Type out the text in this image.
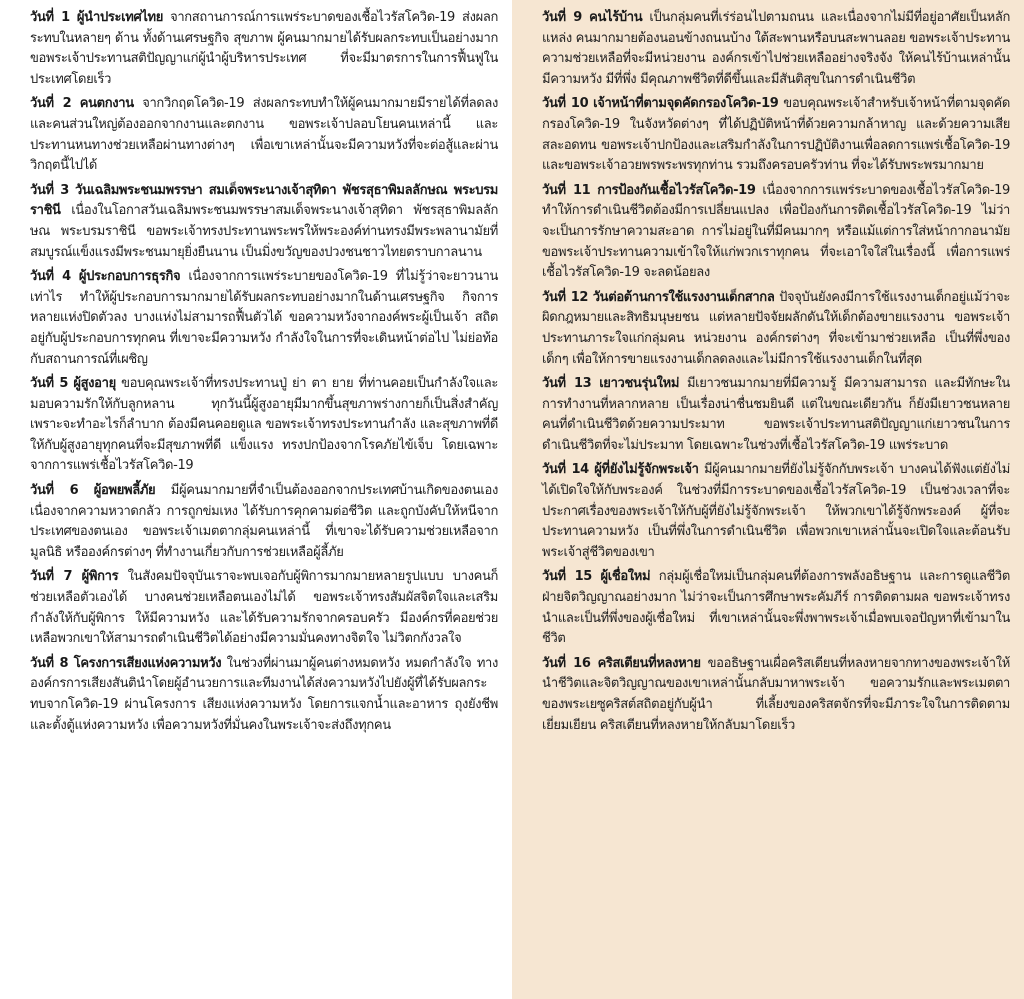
วันที่ 1 ผู้นำประเทศไทย จากสถานการณ์การแพร่ระบาดของเชื้อไวรัสโควิด-19 ส่งผลกระทบในหลายๆ ด้าน ทั้งด้านเศรษฐกิจ สุขภาพ ผู้คนมากมายได้รับผลกระทบเป็นอย่างมาก ขอพระเจ้าประทานสติปัญญาแก่ผู้นำผู้บริหารประเทศ ที่จะมีมาตรการในการฟื้นฟูในประเทศโดยเร็ว

วันที่ 2 คนตกงาน จากวิกฤตโควิด-19 ส่งผลกระทบทำให้ผู้คนมากมายมีรายได้ที่ลดลงและคนส่วนใหญ่ต้องออกจากงานและตกงาน ขอพระเจ้าปลอบโยนคนเหล่านี้ และประทานหนทางช่วยเหลือผ่านทางต่างๆ เพื่อเขาเหล่านั้นจะมีความหวังที่จะต่อสู้และผ่านวิกฤตนี้ไปได้

วันที่ 3 วันเฉลิมพระชนมพรรษา สมเด็จพระนางเจ้าสุทิดา พัชรสุธาพิมลลักษณ พระบรมราชินี เนื่องในโอกาสวันเฉลิมพระชนมพรรษาสมเด็จพระนางเจ้าสุทิดา พัชรสุธาพิมลลักษณ พระบรมราชินี ขอพระเจ้าทรงประทานพระพรให้พระองค์ท่านทรงมีพระพลานามัยที่สมบูรณ์แข็งแรงมีพระชนมายุยิ่งยืนนาน เป็นมิ่งขวัญของปวงชนชาวไทยตราบกาลนาน

วันที่ 4 ผู้ประกอบการธุรกิจ เนื่องจากการแพร่ระบายของโควิด-19 ที่ไม่รู้ว่าจะยาวนานเท่าไร ทำให้ผู้ประกอบการมากมายได้รับผลกระทบอย่างมากในด้านเศรษฐกิจ กิจการหลายแห่งปิดตัวลง บางแห่งไม่สามารถฟื้นตัวได้ ขอความหวังจากองค์พระผู้เป็นเจ้า สถิตอยู่กับผู้ประกอบการทุกคน ที่เขาจะมีความหวัง กำลังใจในการที่จะเดินหน้าต่อไป ไม่ย่อท้อกับสถานการณ์ที่เผชิญ

วันที่ 5 ผู้สูงอายุ ขอบคุณพระเจ้าที่ทรงประทานปู่ ย่า ตา ยาย ที่ท่านคอยเป็นกำลังใจและมอบความรักให้กับลูกหลาน ทุกวันนี้ผู้สูงอายุมีมากขึ้นสุขภาพร่างกายก็เป็นสิ่งสำคัญ เพราะจะทำอะไรก็ลำบาก ต้องมีคนคอยดูแล ขอพระเจ้าทรงประทานกำลัง และสุขภาพที่ดีให้กับผู้สูงอายุทุกคนที่จะมีสุขภาพที่ดี แข็งแรง ทรงปกป้องจากโรคภัยไข้เจ็บ โดยเฉพาะจากการแพร่เชื้อไวรัสโควิด-19

วันที่ 6 ผู้อพยพลี้ภัย มีผู้คนมากมายที่จำเป็นต้องออกจากประเทศบ้านเกิดของตนเอง เนื่องจากความหวาดกลัว การถูกข่มเหง ได้รับการคุกคามต่อชีวิต และถูกบังคับให้หนีจากประเทศของตนเอง ขอพระเจ้าเมตตากลุ่มคนเหล่านี้ ที่เขาจะได้รับความช่วยเหลือจากมูลนิธิ หรือองค์กรต่างๆ ที่ทำงานเกี่ยวกับการช่วยเหลือผู้ลี้ภัย

วันที่ 7 ผู้พิการ ในสังคมปัจจุบันเราจะพบเจอกับผู้พิการมากมายหลายรูปแบบ บางคนก็ช่วยเหลือตัวเองได้ บางคนช่วยเหลือตนเองไม่ได้ ขอพระเจ้าทรงสัมผัสจิตใจและเสริมกำลังให้กับผู้พิการ ให้มีความหวัง และได้รับความรักจากครอบครัว มีองค์กรที่คอยช่วยเหลือพวกเขาให้สามารถดำเนินชีวิตได้อย่างมีความมั่นคงทางจิตใจ ไม่วิตกกังวลใจ

วันที่ 8 โครงการเสียงแห่งความหวัง ในช่วงที่ผ่านมาผู้คนต่างหมดหวัง หมดกำลังใจ ทางองค์กรการเสียงสันตินำโดยผู้อำนวยการและทีมงานได้ส่งความหวังไปยังผู้ที่ได้รับผลกระทบจากโควิด-19 ผ่านโครงการ เสียงแห่งความหวัง โดยการแจกน้ำและอาหาร ถุงยังชีพ และตั้งตู้แห่งความหวัง เพื่อความหวังที่มั่นคงในพระเจ้าจะส่งถึงทุกคน

วันที่ 9 คนไร้บ้าน เป็นกลุ่มคนที่เร่ร่อนไปตามถนน และเนื่องจากไม่มีที่อยู่อาศัยเป็นหลักแหล่ง คนมากมายต้องนอนข้างถนนบ้าง ใต้สะพานหรือบนสะพานลอย ขอพระเจ้าประทานความช่วยเหลือที่จะมีหน่วยงาน องค์กรเข้าไปช่วยเหลืออย่างจริงจัง ให้คนไร้บ้านเหล่านั้น มีความหวัง มีที่พึ่ง มีคุณภาพชีวิตที่ดีขึ้นและมีสันติสุขในการดำเนินชีวิต

วันที่ 10 เจ้าหน้าที่ตามจุดคัดกรองโควิด-19 ขอบคุณพระเจ้าสำหรับเจ้าหน้าที่ตามจุดคัดกรองโควิด-19 ในจังหวัดต่างๆ ที่ได้ปฏิบัติหน้าที่ด้วยความกล้าหาญ และด้วยความเสียสละอดทน ขอพระเจ้าปกป้องและเสริมกำลังในการปฏิบัติงานเพื่อลดการแพร่เชื้อโควิด-19 และขอพระเจ้าอวยพรพระพรทุกท่าน รวมถึงครอบครัวท่าน ที่จะได้รับพระพรมากมาย

วันที่ 11 การป้องกันเชื้อไวรัสโควิด-19 เนื่องจากการแพร่ระบาดของเชื้อไวรัสโควิด-19 ทำให้การดำเนินชีวิตต้องมีการเปลี่ยนแปลง เพื่อป้องกันการติดเชื้อไวรัสโควิด-19 ไม่ว่าจะเป็นการรักษาความสะอาด การไม่อยู่ในที่มีคนมากๆ หรือแม้แต่การใส่หน้ากากอนามัย ขอพระเจ้าประทานความเข้าใจให้แก่พวกเราทุกคน ที่จะเอาใจใส่ในเรื่องนี้ เพื่อการแพร่เชื้อไวรัสโควิด-19 จะลดน้อยลง

วันที่ 12 วันต่อต้านการใช้แรงงานเด็กสากล ปัจจุบันยังคงมีการใช้แรงงานเด็กอยู่แม้ว่าจะผิดกฎหมายและสิทธิมนุษยชน แต่หลายปัจจัยผลักดันให้เด็กต้องขายแรงงาน ขอพระเจ้าประทานภาระใจแก่กลุ่มคน หน่วยงาน องค์กรต่างๆ ที่จะเข้ามาช่วยเหลือ เป็นที่พึ่งของเด็กๆ เพื่อให้การขายแรงงานเด็กลดลงและไม่มีการใช้แรงงานเด็กในที่สุด

วันที่ 13 เยาวชนรุ่นใหม่ มีเยาวชนมากมายที่มีความรู้ มีความสามารถ และมีทักษะในการทำงานที่หลากหลาย เป็นเรื่องน่าชื่นชมยินดี แต่ในขณะเดียวกัน ก็ยังมีเยาวชนหลายคนที่ดำเนินชีวิตด้วยความประมาท ขอพระเจ้าประทานสติปัญญาแก่เยาวชนในการดำเนินชีวิตที่จะไม่ประมาท โดยเฉพาะในช่วงที่เชื้อไวรัสโควิด-19 แพร่ระบาด

วันที่ 14 ผู้ที่ยังไม่รู้จักพระเจ้า มีผู้คนมากมายที่ยังไม่รู้จักกับพระเจ้า บางคนได้ฟังแต่ยังไม่ได้เปิดใจให้กับพระองค์ ในช่วงที่มีการระบาดของเชื้อไวรัสโควิด-19 เป็นช่วงเวลาที่จะประกาศเรื่องของพระเจ้าให้กับผู้ที่ยังไม่รู้จักพระเจ้า ให้พวกเขาได้รู้จักพระองค์ ผู้ที่จะประทานความหวัง เป็นที่พึ่งในการดำเนินชีวิต เพื่อพวกเขาเหล่านั้นจะเปิดใจและต้อนรับพระเจ้าสู่ชีวิตของเขา

วันที่ 15 ผู้เชื่อใหม่ กลุ่มผู้เชื่อใหม่เป็นกลุ่มคนที่ต้องการพลังอธิษฐาน และการดูแลชีวิตฝ่ายจิตวิญญาณอย่างมาก ไม่ว่าจะเป็นการศึกษาพระคัมภีร์ การติดตามผล ขอพระเจ้าทรงนำและเป็นที่พึ่งของผู้เชื่อใหม่ ที่เขาเหล่านั้นจะพึ่งพาพระเจ้าเมื่อพบเจอปัญหาที่เข้ามาในชีวิต

วันที่ 16 คริสเตียนที่หลงหาย ขออธิษฐานเผื่อคริสเตียนที่หลงหายจากทางของพระเจ้าให้นำชีวิตและจิตวิญญาณของเขาเหล่านั้นกลับมาหาพระเจ้า ขอความรักและพระเมตตาของพระเยซูคริสต์สถิตอยู่กับผู้นำ ที่เลี้ยงของคริสตจักรที่จะมีภาระใจในการติดตาม เยี่ยมเยียน คริสเตียนที่หลงหายให้กลับมาโดยเร็ว
